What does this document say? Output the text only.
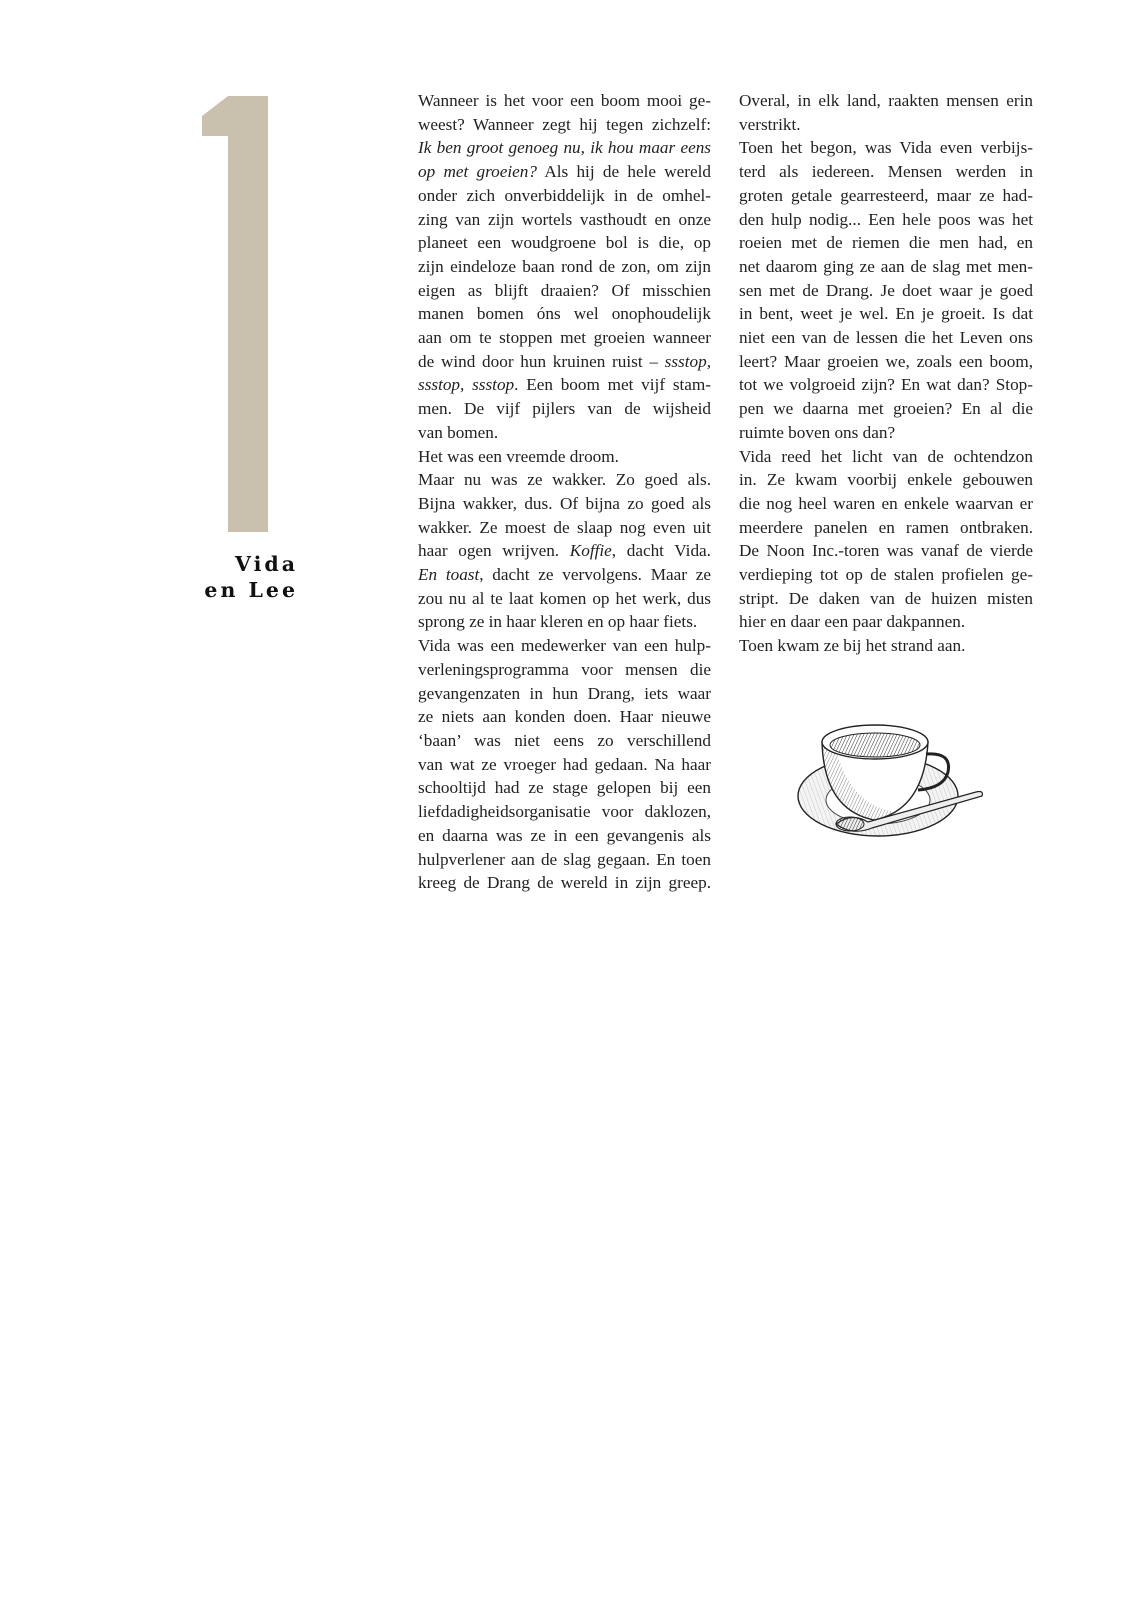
Vida
en Lee
Wanneer is het voor een boom mooi ge-
weest? Wanneer zegt hij tegen zichzelf:
Ik ben groot genoeg nu, ik hou maar eens
op met groeien? Als hij de hele wereld
onder zich onverbiddelijk in de omhel-
zing van zijn wortels vasthoudt en onze
planeet een woudgroene bol is die, op
zijn eindeloze baan rond de zon, om zijn
eigen as blijft draaien? Of misschien
manen bomen óns wel onophoudelijk
aan om te stoppen met groeien wanneer
de wind door hun kruinen ruist – ssstop,
ssstop, ssstop. Een boom met vijf stam-
men. De vijf pijlers van de wijsheid
van bomen.
Het was een vreemde droom.
Maar nu was ze wakker. Zo goed als.
Bijna wakker, dus. Of bijna zo goed als
wakker. Ze moest de slaap nog even uit
haar ogen wrijven. Koffie, dacht Vida.
En toast, dacht ze vervolgens. Maar ze
zou nu al te laat komen op het werk, dus
sprong ze in haar kleren en op haar fiets.
Vida was een medewerker van een hulp-
verleningsprogramma voor mensen die
gevangenzaten in hun Drang, iets waar
ze niets aan konden doen. Haar nieuwe
‘baan’ was niet eens zo verschillend
van wat ze vroeger had gedaan. Na haar
schooltijd had ze stage gelopen bij een
liefdadigheidsorganisatie voor daklozen,
en daarna was ze in een gevangenis als
hulpverlener aan de slag gegaan. En toen
kreeg de Drang de wereld in zijn greep.
Overal, in elk land, raakten mensen erin
verstrikt.
Toen het begon, was Vida even verbijs-
terd als iedereen. Mensen werden in
groten getale gearresteerd, maar ze had-
den hulp nodig... Een hele poos was het
roeien met de riemen die men had, en
net daarom ging ze aan de slag met men-
sen met de Drang. Je doet waar je goed
in bent, weet je wel. En je groeit. Is dat
niet een van de lessen die het Leven ons
leert? Maar groeien we, zoals een boom,
tot we volgroeid zijn? En wat dan? Stop-
pen we daarna met groeien? En al die
ruimte boven ons dan?
Vida reed het licht van de ochtendzon
in. Ze kwam voorbij enkele gebouwen
die nog heel waren en enkele waarvan er
meerdere panelen en ramen ontbraken.
De Noon Inc.-toren was vanaf de vierde
verdieping tot op de stalen profielen ge-
stript. De daken van de huizen misten
hier en daar een paar dakpannen.
Toen kwam ze bij het strand aan.
